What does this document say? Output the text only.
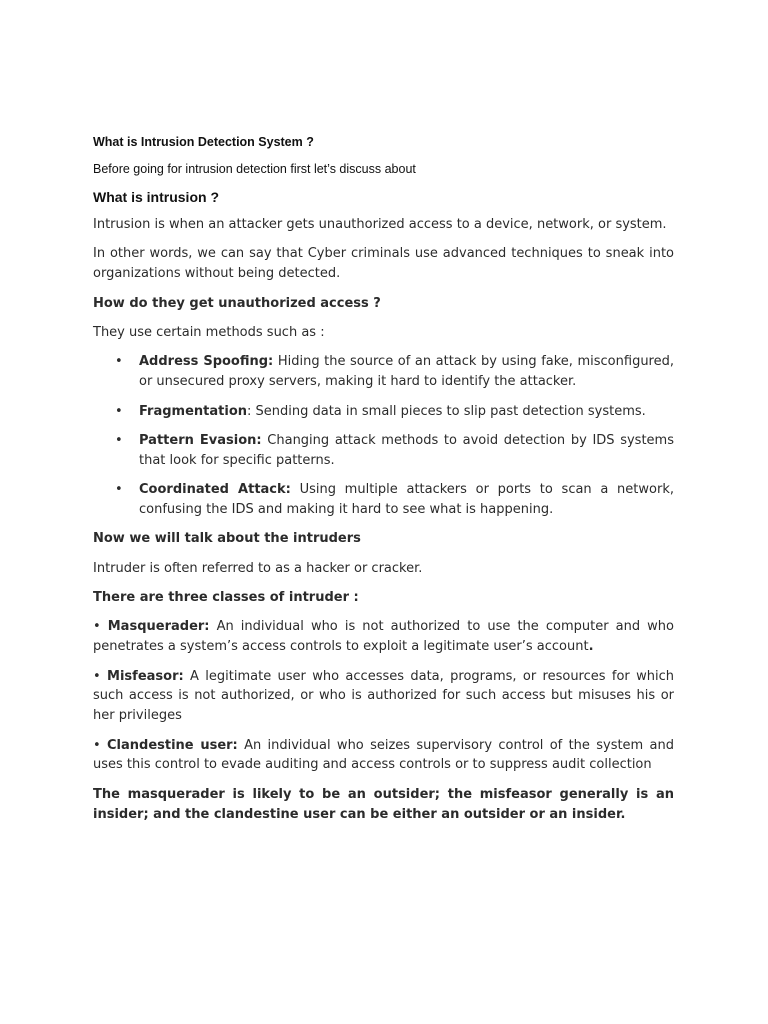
What is Intrusion Detection System ?
Before going for intrusion detection first let’s discuss about
What is intrusion ?

Intrusion is when an attacker gets unauthorized access to a device, network, or system.

In other words, we can say that Cyber criminals use advanced techniques to sneak into organizations without being detected.

How do they get unauthorized access ?

They use certain methods such as :

• Address Spoofing: Hiding the source of an attack by using fake, misconfigured, or unsecured proxy servers, making it hard to identify the attacker.
• Fragmentation: Sending data in small pieces to slip past detection systems.
• Pattern Evasion: Changing attack methods to avoid detection by IDS systems that look for specific patterns.
• Coordinated Attack: Using multiple attackers or ports to scan a network, confusing the IDS and making it hard to see what is happening.

Now we will talk about the intruders

Intruder is often referred to as a hacker or cracker.

There are three classes of intruder :

• Masquerader: An individual who is not authorized to use the computer and who penetrates a system’s access controls to exploit a legitimate user’s account.

• Misfeasor: A legitimate user who accesses data, programs, or resources for which such access is not authorized, or who is authorized for such access but misuses his or her privileges

• Clandestine user: An individual who seizes supervisory control of the system and uses this control to evade auditing and access controls or to suppress audit collection

The masquerader is likely to be an outsider; the misfeasor generally is an insider; and the clandestine user can be either an outsider or an insider.
